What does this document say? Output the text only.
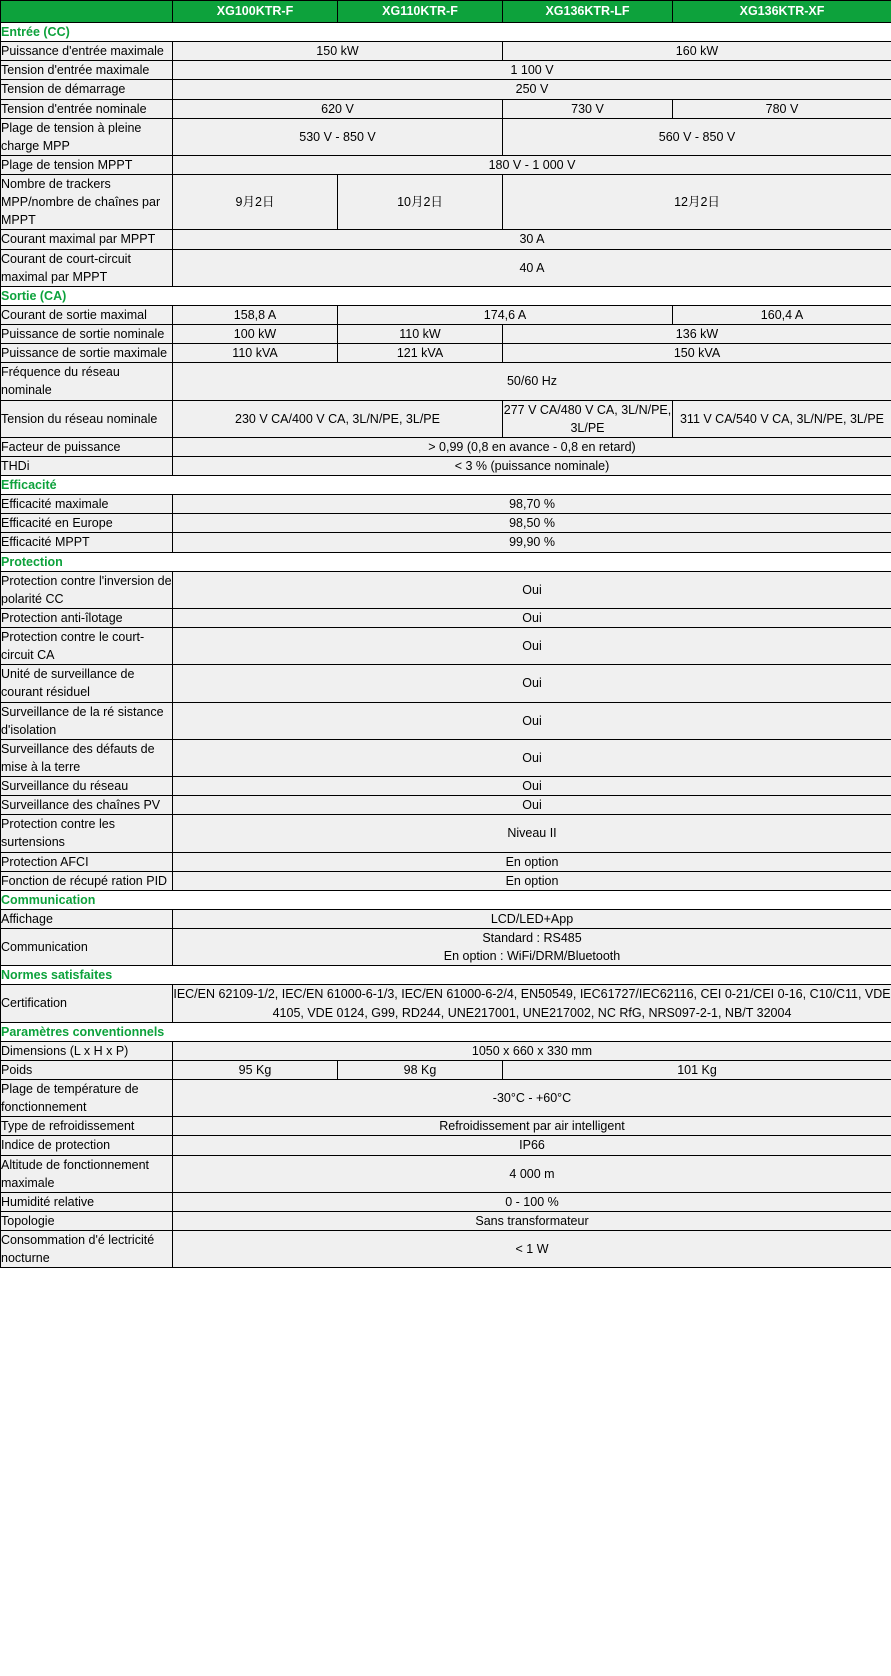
	XG100KTR-F	XG110KTR-F	XG136KTR-LF	XG136KTR-XF
Entrée (CC)				
Puissance d'entrée maximale	150 kW		160 kW	
Tension d'entrée maximale	1 100 V			
Tension de démarrage	250 V			
Tension d'entrée nominale	620 V		730 V	780 V
Plage de tension à pleine charge MPP	530 V - 850 V		560 V - 850 V	
Plage de tension MPPT	180 V - 1 000 V			
Nombre de trackers MPP/nombre de chaînes par MPPT	9月2日	10月2日	12月2日	
Courant maximal par MPPT	30 A			
Courant de court-circuit maximal par MPPT	40 A			
Sortie (CA)				
Courant de sortie maximal	158,8 A	174,6 A		160,4 A
Puissance de sortie nominale	100 kW	110 kW	136 kW	
Puissance de sortie maximale	110 kVA	121 kVA	150 kVA	
Fréquence du réseau nominale	50/60 Hz			
Tension du réseau nominale	230 V CA/400 V CA, 3L/N/PE, 3L/PE		277 V CA/480 V CA, 3L/N/PE, 3L/PE	311 V CA/540 V CA, 3L/N/PE, 3L/PE
Facteur de puissance	> 0,99 (0,8 en avance - 0,8 en retard)			
THDi	< 3 % (puissance nominale)			
Efficacité				
Efficacité maximale	98,70 %			
Efficacité en Europe	98,50 %			
Efficacité MPPT	99,90 %			
Protection				
Protection contre l'inversion de polarité CC	Oui			
Protection anti-îlotage	Oui			
Protection contre le court-circuit CA	Oui			
Unité de surveillance de courant résiduel	Oui			
Surveillance de la ré sistance d'isolation	Oui			
Surveillance des défauts de mise à la terre	Oui			
Surveillance du réseau	Oui			
Surveillance des chaînes PV	Oui			
Protection contre les surtensions	Niveau II			
Protection AFCI	En option			
Fonction de récupé ration PID	En option			
Communication				
Affichage	LCD/LED+App			
Communication	Standard : RS485
En option : WiFi/DRM/Bluetooth			
Normes satisfaites				
Certification	IEC/EN 62109-1/2, IEC/EN 61000-6-1/3, IEC/EN 61000-6-2/4, EN50549, IEC61727/IEC62116, CEI 0-21/CEI 0-16, C10/C11, VDE 4105, VDE 0124, G99, RD244, UNE217001, UNE217002, NC RfG, NRS097-2-1, NB/T 32004			
Paramètres conventionnels				
Dimensions (L x H x P)	1050 x 660 x 330 mm			
Poids	95 Kg	98 Kg	101 Kg	
Plage de température de fonctionnement	-30°C - +60°C			
Type de refroidissement	Refroidissement par air intelligent			
Indice de protection	IP66			
Altitude de fonctionnement maximale	4 000 m			
Humidité relative	0 - 100 %			
Topologie	Sans transformateur			
Consommation d'é lectricité nocturne	< 1 W			
